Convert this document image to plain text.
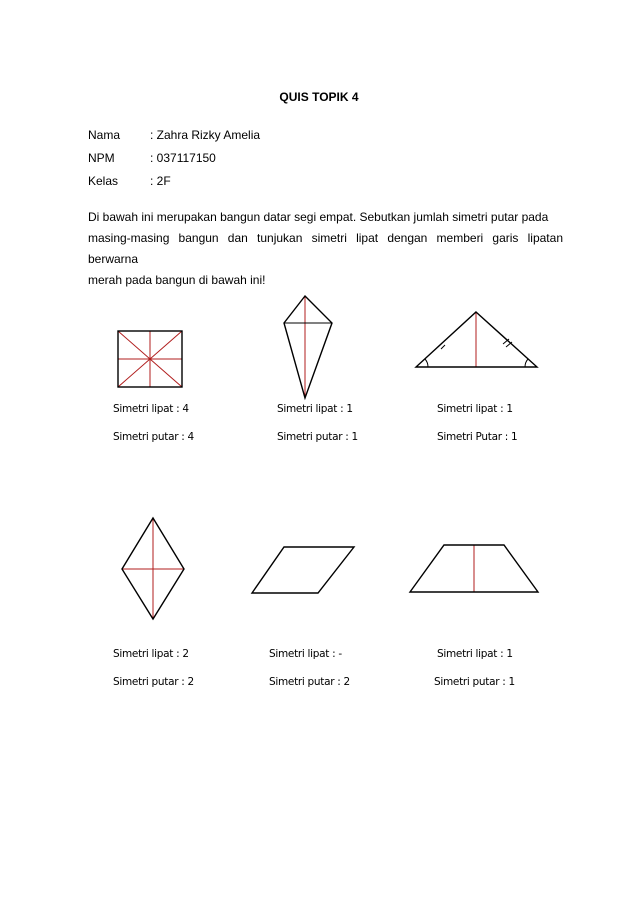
QUIS TOPIK 4
Nama : Zahra Rizky Amelia
NPM	: 037117150
Kelas	: 2F
Di bawah ini merupakan bangun datar segi empat. Sebutkan jumlah simetri putar pada
masing-masing bangun dan tunjukan simetri lipat dengan memberi garis lipatan berwarna
merah pada bangun di bawah ini!
Simetri lipat : 4
Simetri putar : 4
Simetri lipat : 1
Simetri putar : 1
Simetri lipat : 1
Simetri Putar : 1
Simetri lipat : 2
Simetri putar : 2
Simetri lipat : -
Simetri putar : 2
Simetri lipat : 1
Simetri putar : 1
